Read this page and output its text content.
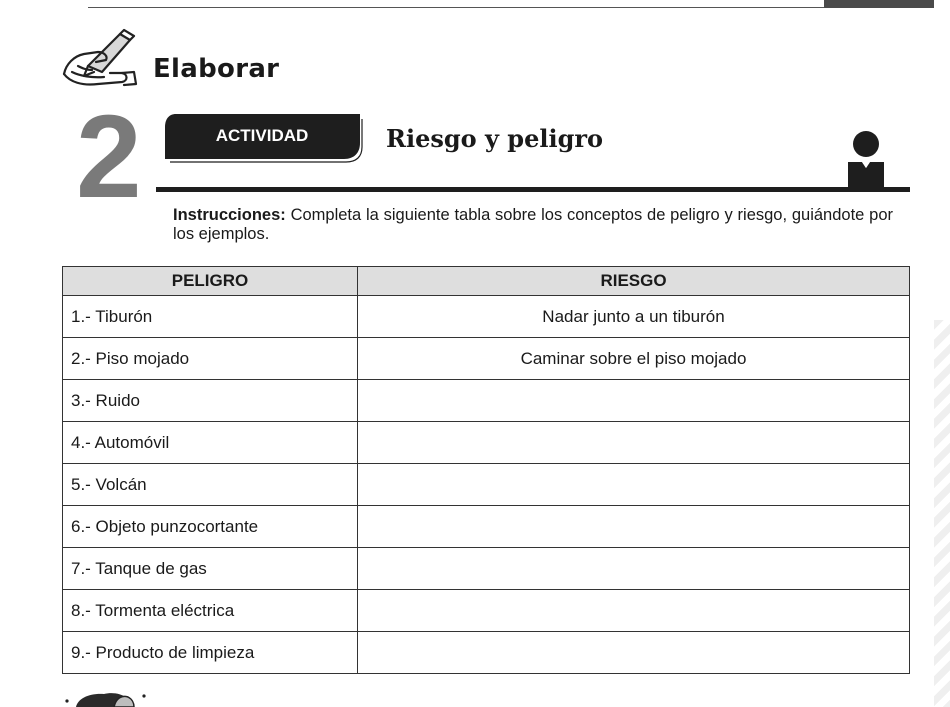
Elaborar
2	ACTIVIDAD	Riesgo y peligro
Instrucciones: Completa la siguiente tabla sobre los conceptos de peligro y riesgo, guiándote por los ejemplos.
PELIGRO	RIESGO
1.- Tiburón	Nadar junto a un tiburón
2.- Piso mojado	Caminar sobre el piso mojado
3.- Ruido	
4.- Automóvil	
5.- Volcán	
6.- Objeto punzocortante	
7.- Tanque de gas	
8.- Tormenta eléctrica	
9.- Producto de limpieza	
